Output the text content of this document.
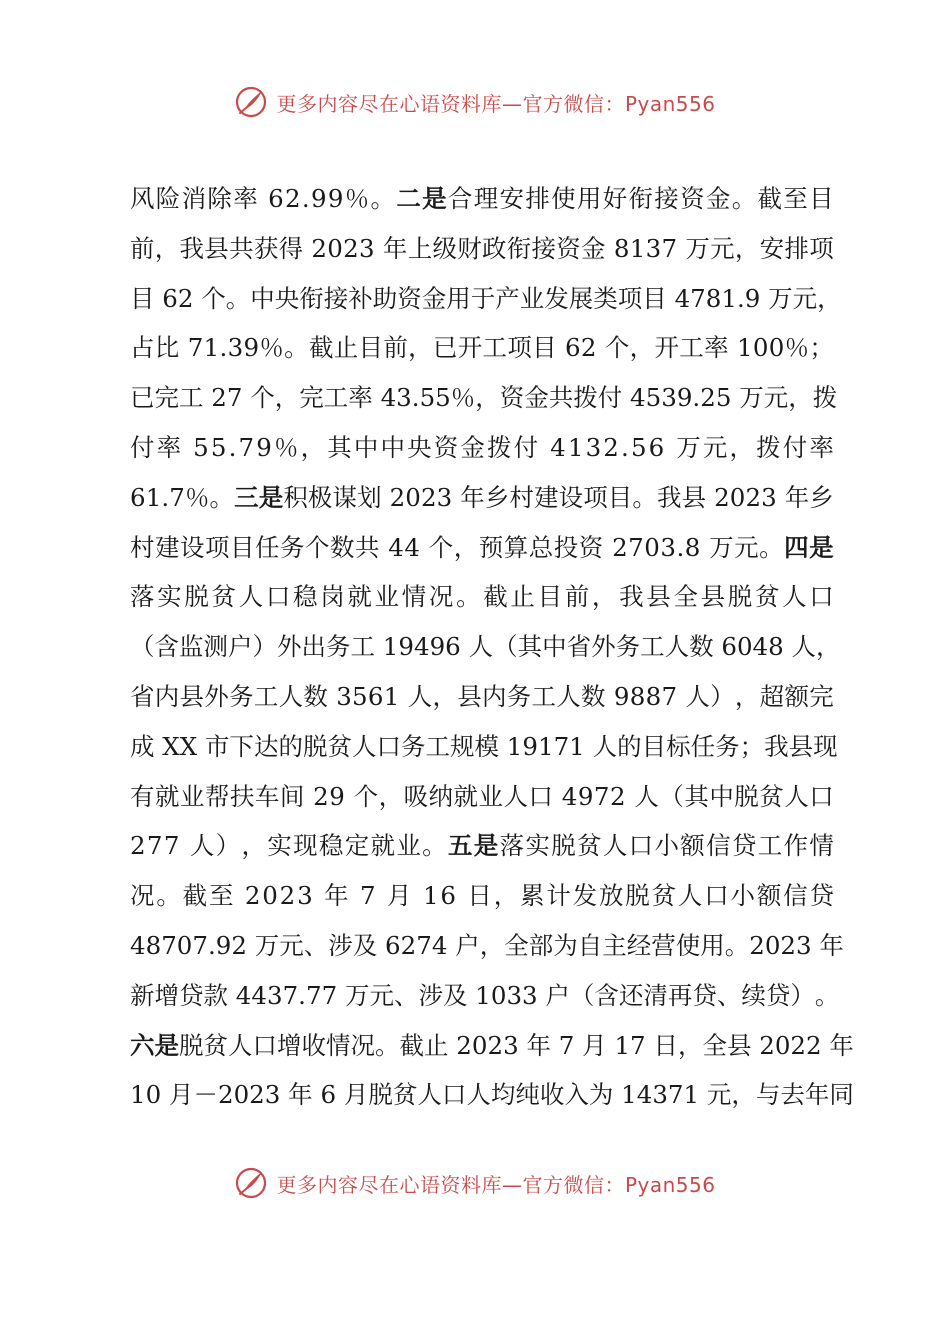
更多内容尽在心语资料库—官方微信：Pyan556
风 险 消 除 率
6 2 . 9 9 ％ 。 二 是 合 理 安 排 使 用 好 衔 接 资 金 。 截 至 目
前 ， 我 县 共 获 得
2 0 2 3
年 上 级 财 政 衔 接 资 金
8 1 3 7
万 元 ， 安 排 项
目
6 2
个 。 中 央 衔 接 补 助 资 金 用 于 产 业 发 展 类 项 目
4 7 8 1 . 9
万 元 ，
占 比
7 1 . 3 9 ％ 。 截 止 目 前 ， 已 开 工 项 目
6 2
个 ， 开 工 率
1 0 0 ％ ；
已 完 工
2 7
个 ， 完 工 率
4 3 . 5 5 ％ ， 资 金 共 拨 付
4 5 3 9 . 2 5
万 元 ， 拨
付 率
5 5 . 7 9 ％ ， 其 中 中 央 资 金 拨 付
4 1 3 2 . 5 6
万 元 ， 拨 付 率
6 1 . 7 ％ 。 三 是 积 极 谋 划
2 0 2 3
年 乡 村 建 设 项 目 。 我 县
2 0 2 3
年 乡
村 建 设 项 目 任 务 个 数 共
4 4
个 ， 预 算 总 投 资
2 7 0 3 . 8
万 元 。 四 是
落 实 脱 贫 人 口 稳 岗 就 业 情 况 。 截 止 目 前 ， 我 县 全 县 脱 贫 人 口
（ 含 监 测 户 ） 外 出 务 工
1 9 4 9 6
人 （ 其 中 省 外 务 工 人 数
6 0 4 8
人 ，
省 内 县 外 务 工 人 数
3 5 6 1
人 ， 县 内 务 工 人 数
9 8 8 7
人 ） ， 超 额 完
成
X X
市 下 达 的 脱 贫 人 口 务 工 规 模
1 9 1 7 1
人 的 目 标 任 务 ； 我 县 现
有 就 业 帮 扶 车 间
2 9
个 ， 吸 纳 就 业 人 口
4 9 7 2
人 （ 其 中 脱 贫 人 口
2 7 7
人 ） ， 实 现 稳 定 就 业 。 五 是 落 实 脱 贫 人 口 小 额 信 贷 工 作 情
况 。 截 至
2 0 2 3
年
7
月
1 6
日 ， 累 计 发 放 脱 贫 人 口 小 额 信 贷
4 8 7 0 7 . 9 2
万 元 、 涉 及
6 2 7 4
户 ， 全 部 为 自 主 经 营 使 用 。 2 0 2 3
年
新 增 贷 款
4 4 3 7 . 7 7
万 元 、 涉 及
1 0 3 3
户 （ 含 还 清 再 贷 、 续 贷 ） 。
六 是 脱 贫 人 口 增 收 情 况 。 截 止
2 0 2 3
年
7
月
1 7
日 ， 全 县
2 0 2 2
年
1 0
月 － 2 0 2 3
年
6
月 脱 贫 人 口 人 均 纯 收 入 为
1 4 3 7 1
元 ， 与 去 年 同
更多内容尽在心语资料库—官方微信：Pyan556
